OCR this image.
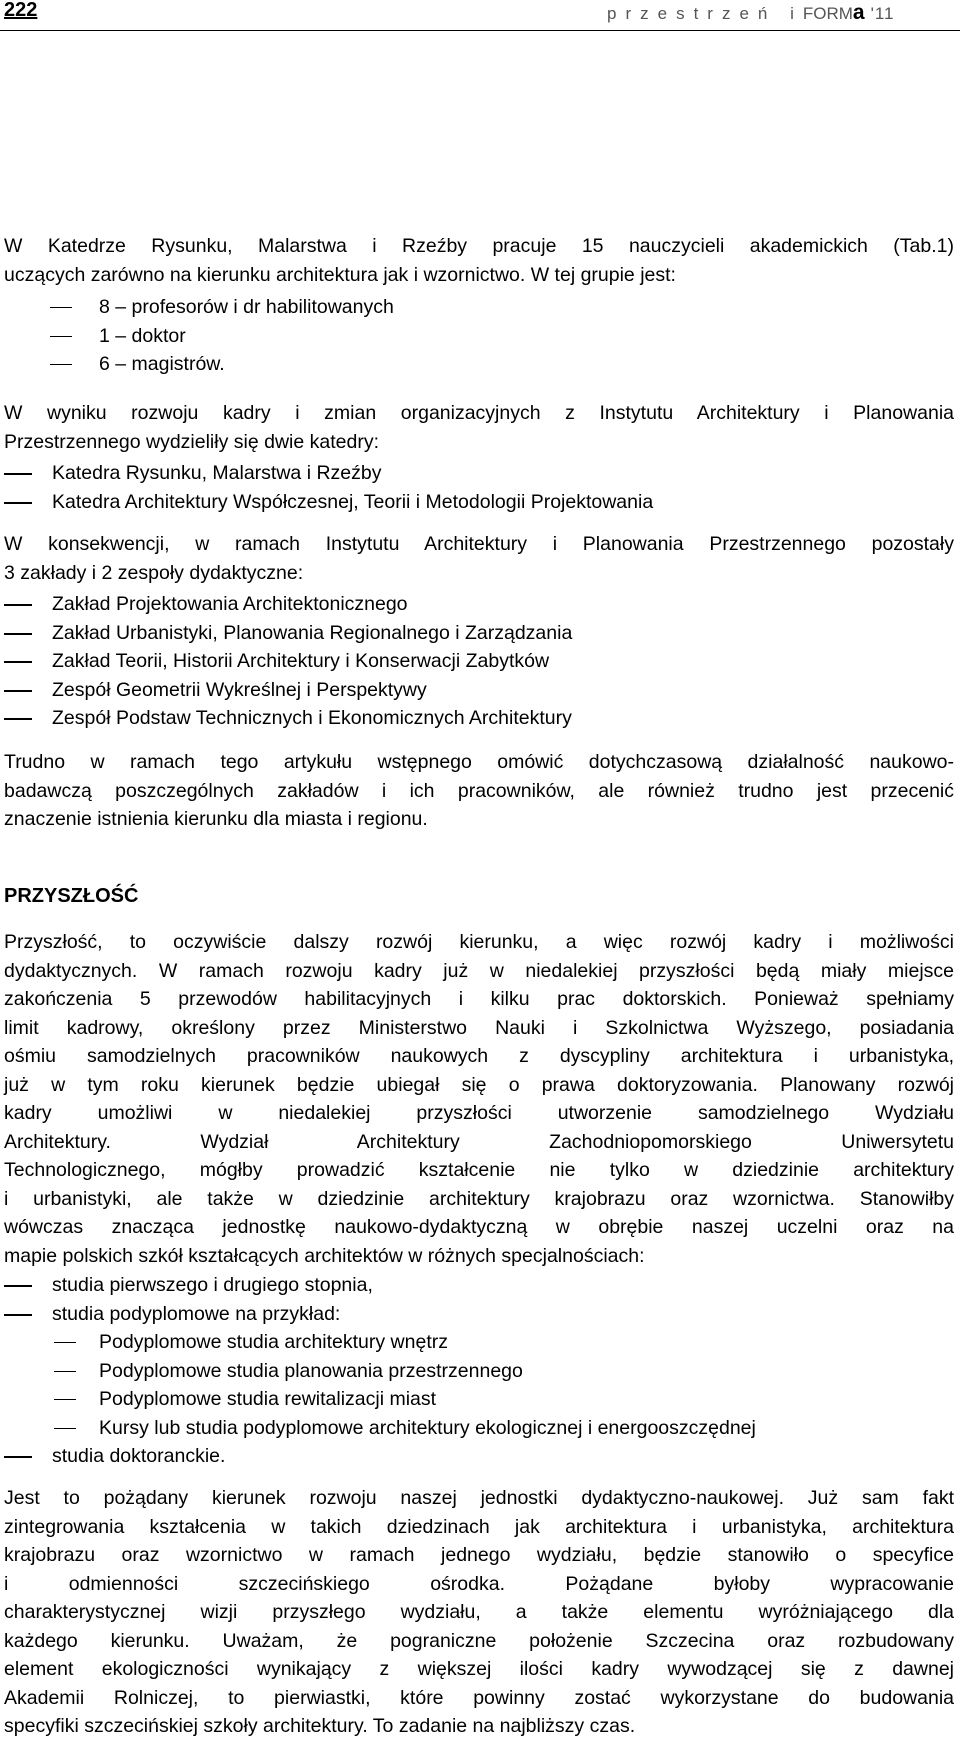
222	przestrzeń iFORMa '11
W Katedrze Rysunku, Malarstwa i Rzeźby pracuje 15 nauczycieli akademickich (Tab.1)
uczących zarówno na kierunku architektura jak i wzornictwo. W tej grupie jest:
8 – profesorów i dr habilitowanych
1 – doktor
6 – magistrów.
W wyniku rozwoju kadry i zmian organizacyjnych z Instytutu Architektury i Planowania
Przestrzennego wydzieliły się dwie katedry:
Katedra Rysunku, Malarstwa i Rzeźby
Katedra Architektury Współczesnej, Teorii i Metodologii Projektowania
W konsekwencji, w ramach Instytutu Architektury i Planowania Przestrzennego pozostały
3 zakłady i 2 zespoły dydaktyczne:
Zakład Projektowania Architektonicznego
Zakład Urbanistyki, Planowania Regionalnego i Zarządzania
Zakład Teorii, Historii Architektury i Konserwacji Zabytków
Zespół Geometrii Wykreślnej i Perspektywy
Zespół Podstaw Technicznych i Ekonomicznych Architektury
Trudno w ramach tego artykułu wstępnego omówić dotychczasową działalność naukowo-
badawczą poszczególnych zakładów i ich pracowników, ale również trudno jest przecenić
znaczenie istnienia kierunku dla miasta i regionu.
PRZYSZŁOŚĆ
Przyszłość, to oczywiście dalszy rozwój kierunku, a więc rozwój kadry i możliwości
dydaktycznych. W ramach rozwoju kadry już w niedalekiej przyszłości będą miały miejsce
zakończenia 5 przewodów habilitacyjnych i kilku prac doktorskich. Ponieważ spełniamy
limit kadrowy, określony przez Ministerstwo Nauki i Szkolnictwa Wyższego, posiadania
ośmiu samodzielnych pracowników naukowych z dyscypliny architektura i urbanistyka,
już w tym roku kierunek będzie ubiegał się o prawa doktoryzowania. Planowany rozwój
kadry umożliwi w niedalekiej przyszłości utworzenie samodzielnego Wydziału
Architektury. Wydział Architektury Zachodniopomorskiego Uniwersytetu
Technologicznego, mógłby prowadzić kształcenie nie tylko w dziedzinie architektury
i urbanistyki, ale także w dziedzinie architektury krajobrazu oraz wzornictwa. Stanowiłby
wówczas znacząca jednostkę naukowo-dydaktyczną w obrębie naszej uczelni oraz na
mapie polskich szkół kształcących architektów w różnych specjalnościach:
studia pierwszego i drugiego stopnia,
studia podyplomowe na przykład:
Podyplomowe studia architektury wnętrz
Podyplomowe studia planowania przestrzennego
Podyplomowe studia rewitalizacji miast
Kursy lub studia podyplomowe architektury ekologicznej i energooszczędnej
studia doktoranckie.
Jest to pożądany kierunek rozwoju naszej jednostki dydaktyczno-naukowej. Już sam fakt
zintegrowania kształcenia w takich dziedzinach jak architektura i urbanistyka, architektura
krajobrazu oraz wzornictwo w ramach jednego wydziału, będzie stanowiło o specyfice
i odmienności szczecińskiego ośrodka. Pożądane byłoby wypracowanie
charakterystycznej wizji przyszłego wydziału, a także elementu wyróżniającego dla
każdego kierunku. Uważam, że pograniczne położenie Szczecina oraz rozbudowany
element ekologiczności wynikający z większej ilości kadry wywodzącej się z dawnej
Akademii Rolniczej, to pierwiastki, które powinny zostać wykorzystane do budowania
specyfiki szczecińskiej szkoły architektury. To zadanie na najbliższy czas.
